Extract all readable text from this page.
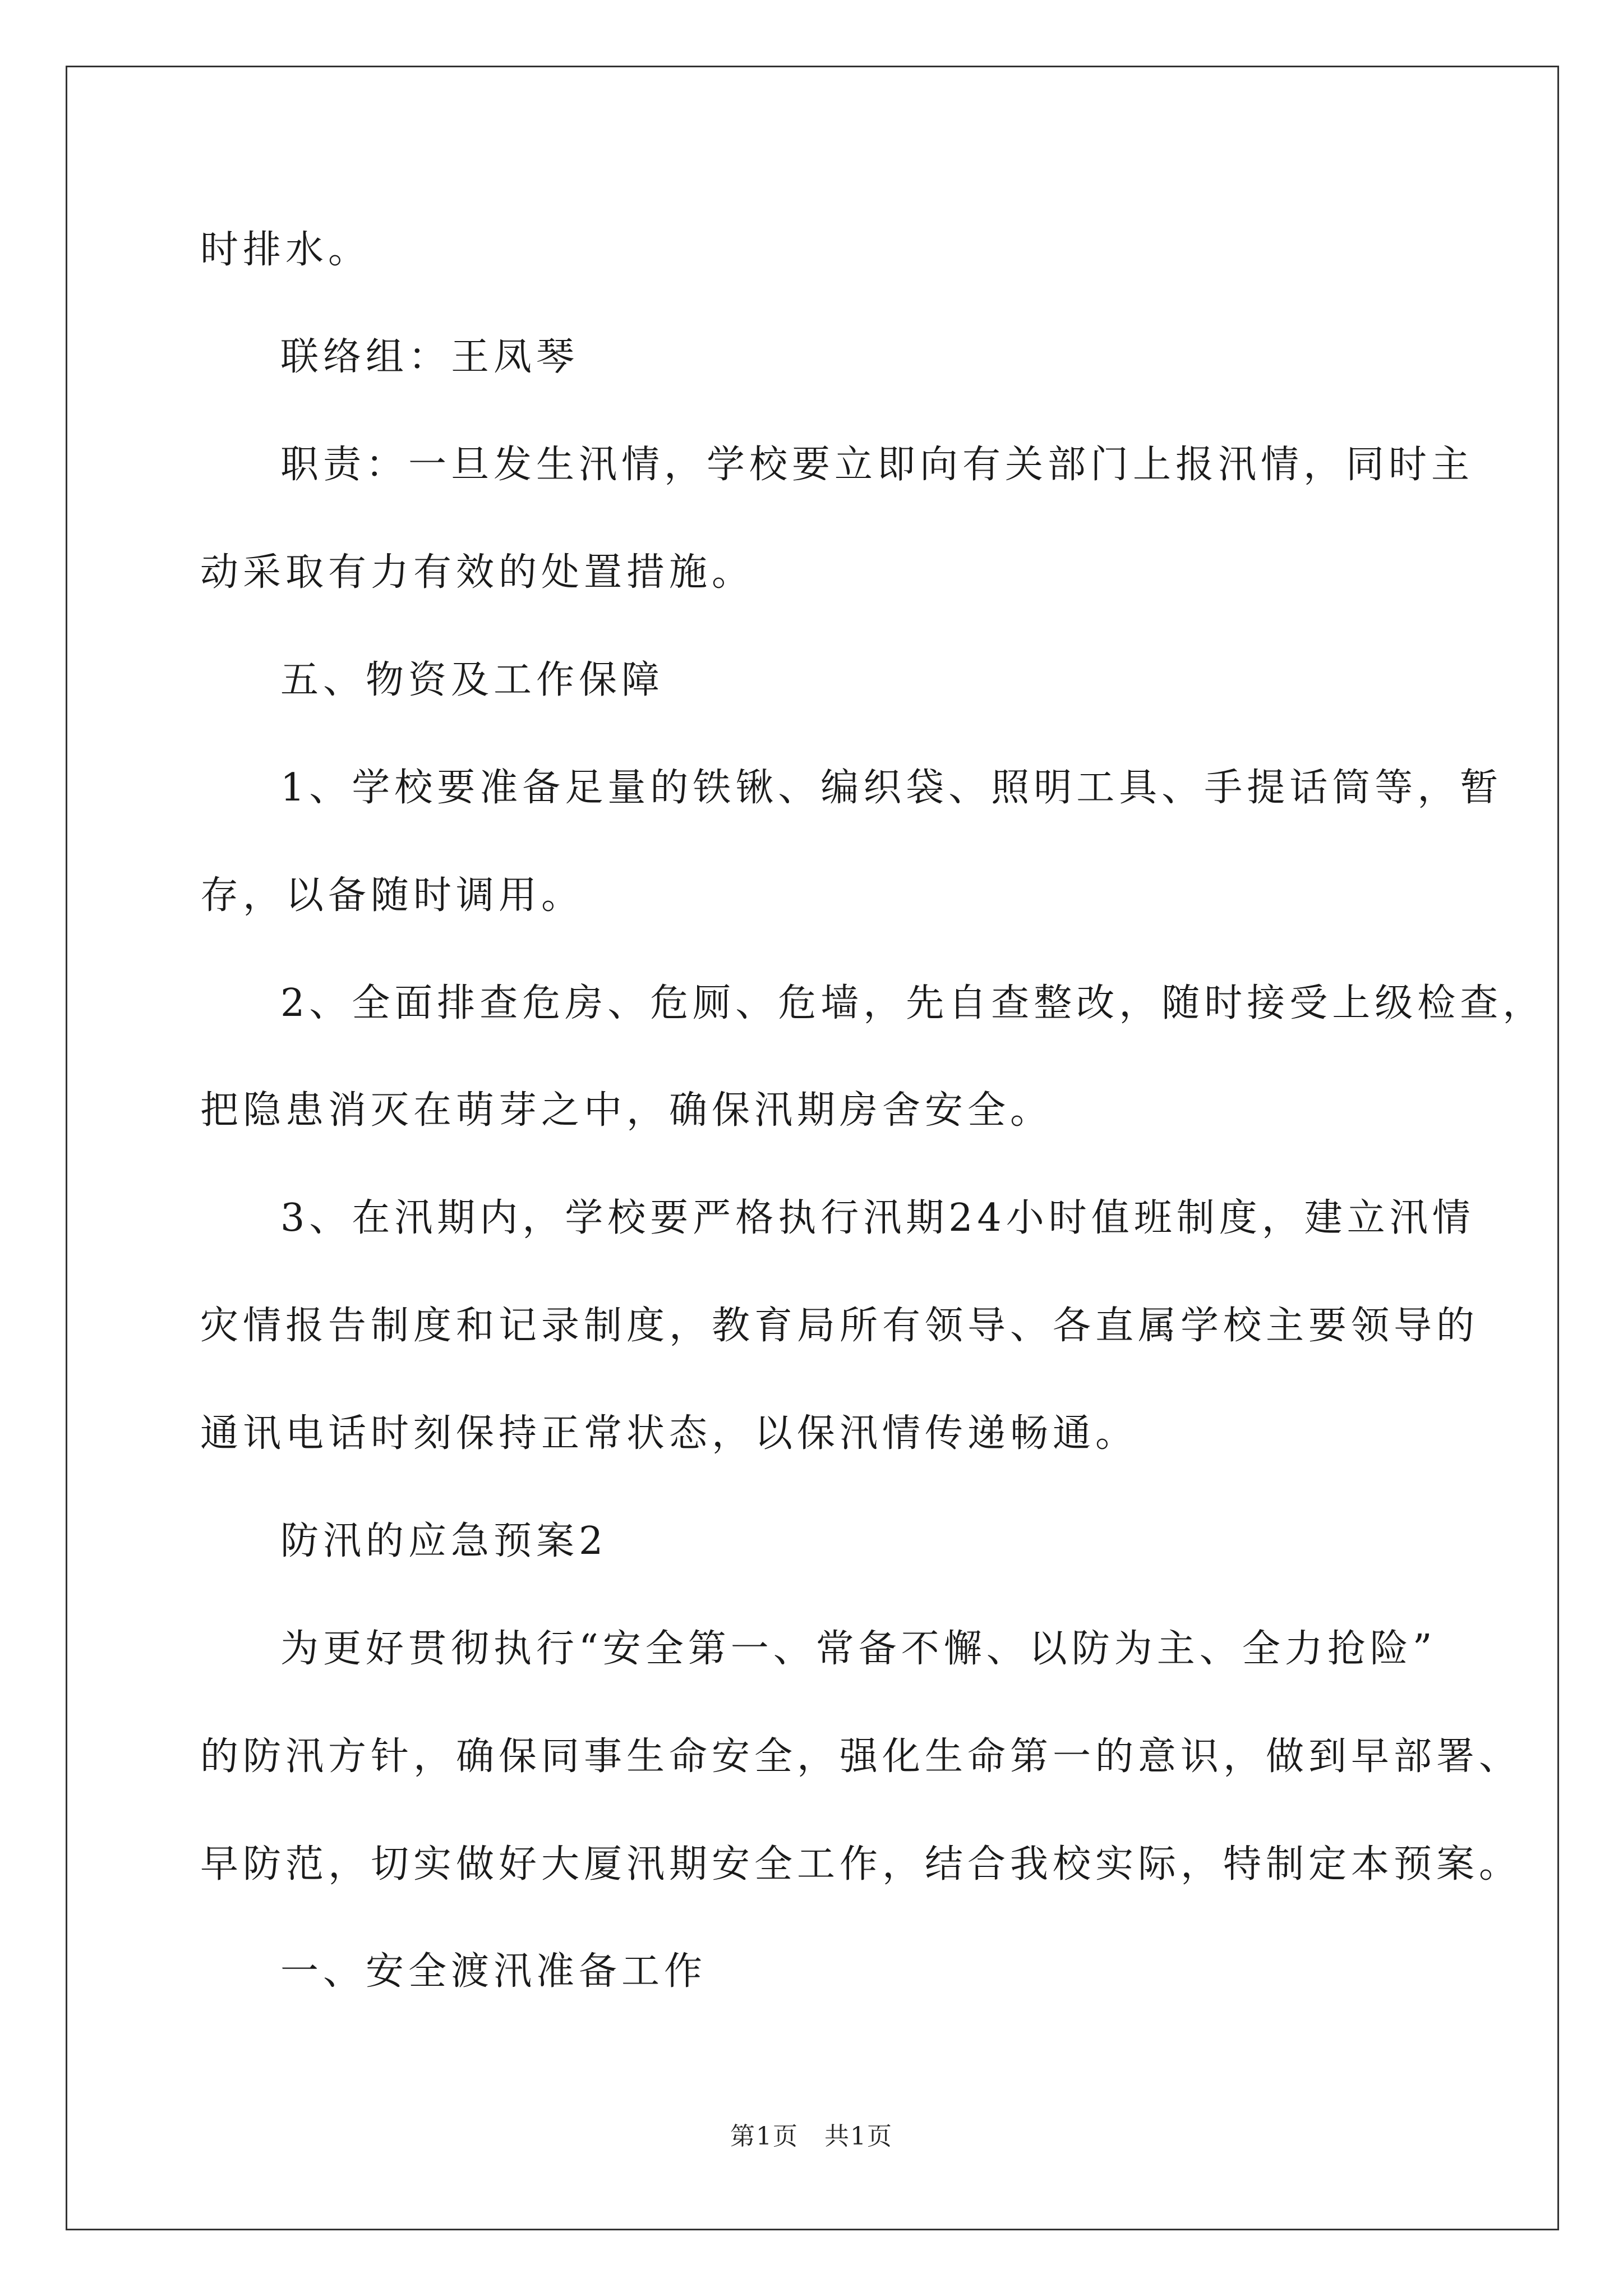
时排水。
联络组：王凤琴
职责：一旦发生汛情，学校要立即向有关部门上报汛情，同时主
动采取有力有效的处置措施。
五、物资及工作保障
1、学校要准备足量的铁锹、编织袋、照明工具、手提话筒等，暂
存，以备随时调用。
2、全面排查危房、危厕、危墙，先自查整改，随时接受上级检查，
把隐患消灭在萌芽之中，确保汛期房舍安全。
3、在汛期内，学校要严格执行汛期24小时值班制度，建立汛情
灾情报告制度和记录制度，教育局所有领导、各直属学校主要领导的
通讯电话时刻保持正常状态，以保汛情传递畅通。
防汛的应急预案2
为更好贯彻执行“安全第一、常备不懈、以防为主、全力抢险”
的防汛方针，确保同事生命安全，强化生命第一的意识，做到早部署、
早防范，切实做好大厦汛期安全工作，结合我校实际，特制定本预案。
一、安全渡汛准备工作
第1页　共1页
